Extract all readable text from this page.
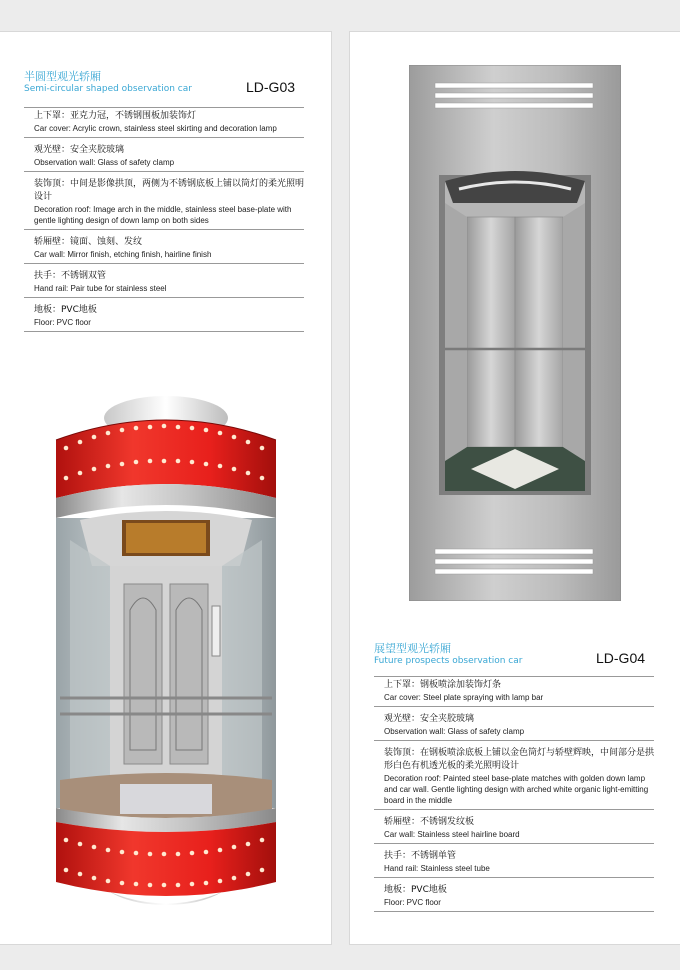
半圆型观光轿厢
Semi-circular shaped observation car	LD-G03
上下罩：亚克力冠，不锈钢围板加装饰灯
Car cover: Acrylic crown, stainless steel skirting and decoration lamp
观光壁：安全夹胶玻璃
Observation wall: Glass of safety clamp
装饰顶：中间是影像拱顶，两侧为不锈钢底板上铺以筒灯的柔光照明设计
Decoration roof: Image arch in the middle, stainless steel base-plate with gentle lighting design of down lamp on both sides
轿厢壁：镜面、蚀刻、发纹
Car wall: Mirror finish, etching finish, hairline finish
扶手：不锈钢双管
Hand rail: Pair tube for stainless steel
地板：PVC地板
Floor: PVC floor
展望型观光轿厢
Future prospects observation car	LD-G04
上下罩：钢板喷涂加装饰灯条
Car cover: Steel plate spraying with lamp bar
观光壁：安全夹胶玻璃
Observation wall: Glass of safety clamp
装饰顶：在钢板喷涂底板上铺以金色筒灯与轿壁辉映，中间部分是拱形白色有机透光板的柔光照明设计
Decoration roof: Painted steel base-plate matches with golden down lamp and car wall. Gentle lighting design with arched white organic light-emitting board in the middle
轿厢壁：不锈钢发纹板
Car wall: Stainless steel hairline board
扶手：不锈钢单管
Hand rail: Stainless steel tube
地板：PVC地板
Floor: PVC floor
